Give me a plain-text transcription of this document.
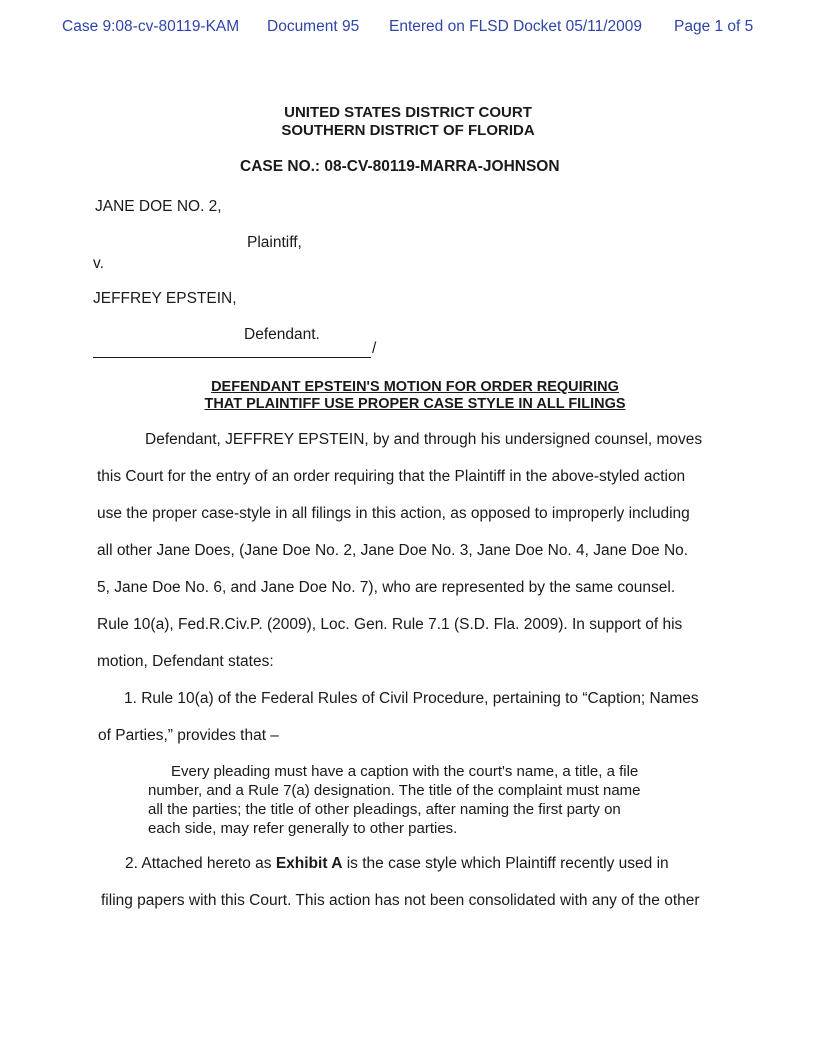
Case 9:08-cv-80119-KAM Document 95 Entered on FLSD Docket 05/11/2009 Page 1 of 5
UNITED STATES DISTRICT COURT
SOUTHERN DISTRICT OF FLORIDA
CASE NO.: 08-CV-80119-MARRA-JOHNSON
JANE DOE NO. 2,
Plaintiff,
v.
JEFFREY EPSTEIN,
Defendant.
/
DEFENDANT EPSTEIN'S MOTION FOR ORDER REQUIRING
THAT PLAINTIFF USE PROPER CASE STYLE IN ALL FILINGS
Defendant, JEFFREY EPSTEIN, by and through his undersigned counsel, moves
this Court for the entry of an order requiring that the Plaintiff in the above-styled action
use the proper case-style in all filings in this action, as opposed to improperly including
all other Jane Does, (Jane Doe No. 2, Jane Doe No. 3, Jane Doe No. 4, Jane Doe No.
5, Jane Doe No. 6, and Jane Doe No. 7), who are represented by the same counsel.
Rule 10(a), Fed.R.Civ.P. (2009), Loc. Gen. Rule 7.1 (S.D. Fla. 2009). In support of his
motion, Defendant states:
1. Rule 10(a) of the Federal Rules of Civil Procedure, pertaining to “Caption; Names
of Parties,” provides that –
Every pleading must have a caption with the court's name, a title, a file
number, and a Rule 7(a) designation. The title of the complaint must name
all the parties; the title of other pleadings, after naming the first party on
each side, may refer generally to other parties.
2. Attached hereto as Exhibit A is the case style which Plaintiff recently used in
filing papers with this Court. This action has not been consolidated with any of the other
